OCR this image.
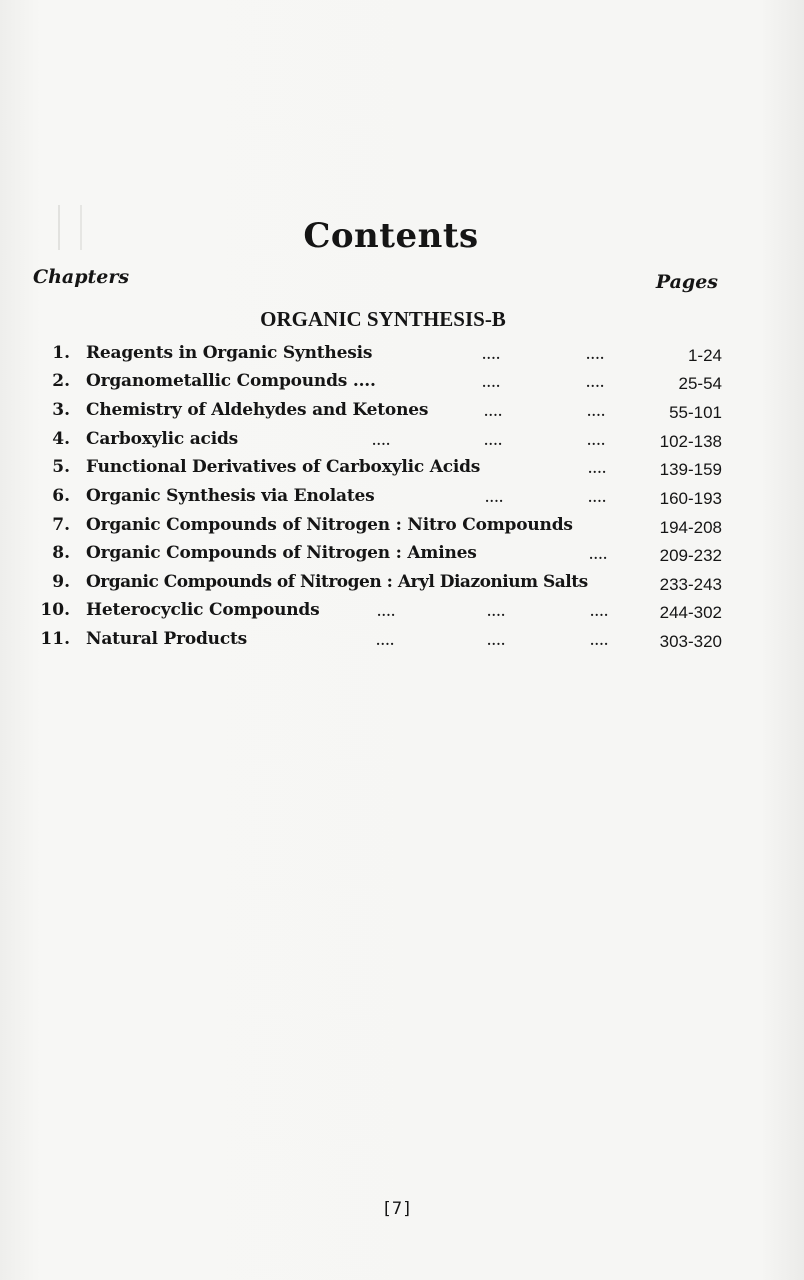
Contents
Chapters	Pages
ORGANIC SYNTHESIS-B
1. Reagents in Organic Synthesis	....	....	1-24
2. Organometallic Compounds ....	....	....	25-54
3. Chemistry of Aldehydes and Ketones	....	....	55-101
4. Carboxylic acids	....	....	....	102-138
5. Functional Derivatives of Carboxylic Acids	....	139-159
6. Organic Synthesis via Enolates	....	....	160-193
7. Organic Compounds of Nitrogen : Nitro Compounds	194-208
8. Organic Compounds of Nitrogen : Amines	....	209-232
9. Organic Compounds of Nitrogen : Aryl Diazonium Salts	233-243
10. Heterocyclic Compounds	....	....	....	244-302
11. Natural Products	....	....	....	303-320
[7]
